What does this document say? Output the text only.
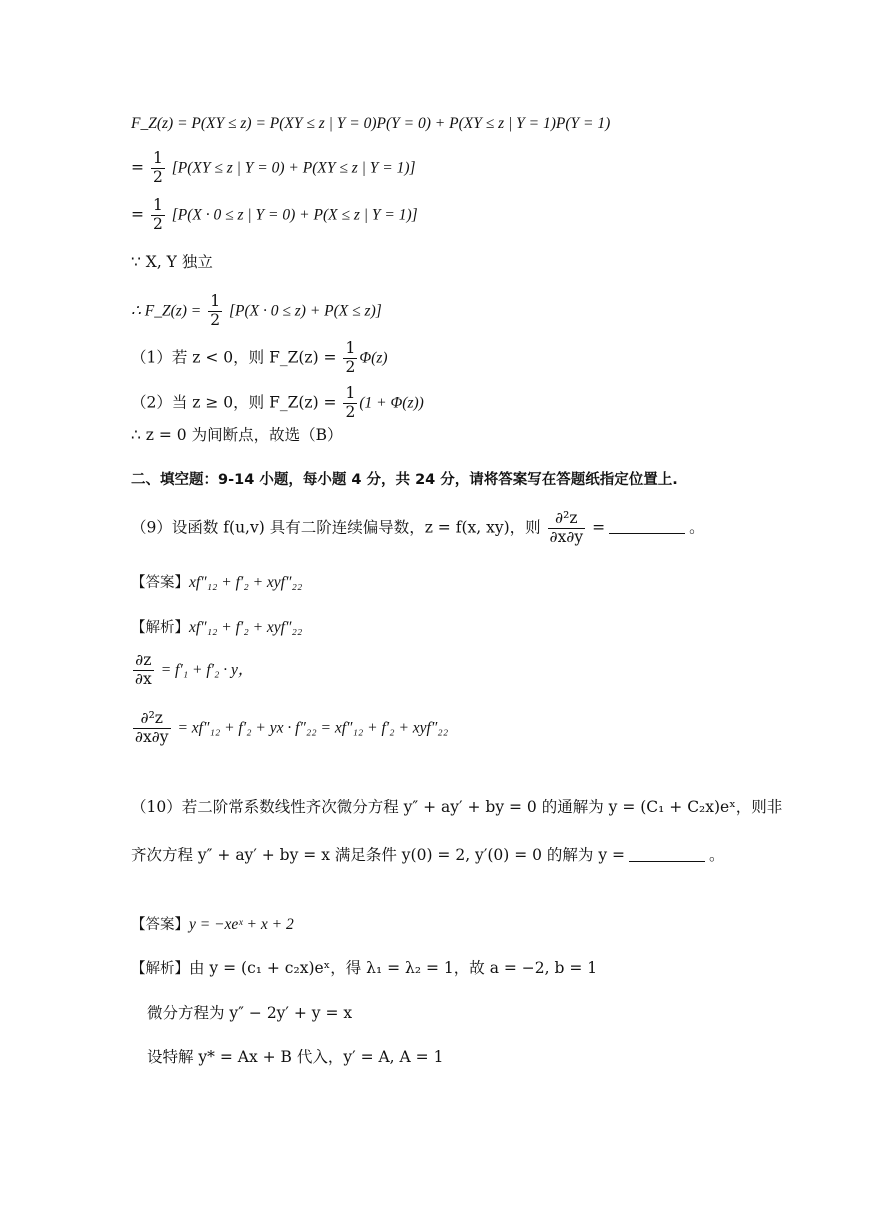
F_Z(z) = P(XY ≤ z) = P(XY ≤ z | Y = 0)P(Y = 0) + P(XY ≤ z | Y = 1)P(Y = 1)
= $\frac{1}{2} [P(XY \le z$ | Y = 0) + P(XY ≤ z | Y = 1)]
= $\frac{1}{2} [P(X \cdot 0 \le z$ | Y = 0) + P(X ≤ z | Y = 1)]
∵ X, Y 独立
∴ F_Z(z) = $\frac{1}{2} [P(X \cdot 0 \le z) + P(X \le z)]$
（1）若 z < 0，则 F_Z(z) = $\frac{1}{2} \Phi(z)$
（2）当 z ≥ 0，则 F_Z(z) = $\frac{1}{2} (1 + \Phi(z))$
∴ z = 0 为间断点，故选（B）
二、填空题：9-14 小题，每小题 4 分，共 24 分，请将答案写在答题纸指定位置上.
（9）设函数 f(u,v) 具有二阶连续偏导数，z = f(x, xy)，则 $\frac{\text{∂²z}}{\partial x\partial y}$ =	。
【答案】xf″₁₂ + f′₂ + xyf″₂₂
【解析】xf″₁₂ + f′₂ + xyf″₂₂
$\frac{\partial z}{\partial x} = f'_1 + f'_2 \cdot y$，
$\frac{\text{∂²z}}{\partial x\partial y} = xf''_{12} + f'_2$ + yx · f″₂₂ = xf″₁₂ + f′₂ + xyf″₂₂
（10）若二阶常系数线性齐次微分方程 y″ + ay′ + by = 0 的通解为 y = (C₁ + C₂x)eˣ，则非
齐次方程 y″ + ay′ + by = x 满足条件 y(0) = 2, y′(0) = 0 的解为 y =	。
【答案】y = −xeˣ + x + 2
【解析】由 y = (c₁ + c₂x)eˣ，得 λ₁ = λ₂ = 1，故 a = −2, b = 1
微分方程为 y″ − 2y′ + y = x
设特解 y* = Ax + B 代入，y′ = A, A = 1
